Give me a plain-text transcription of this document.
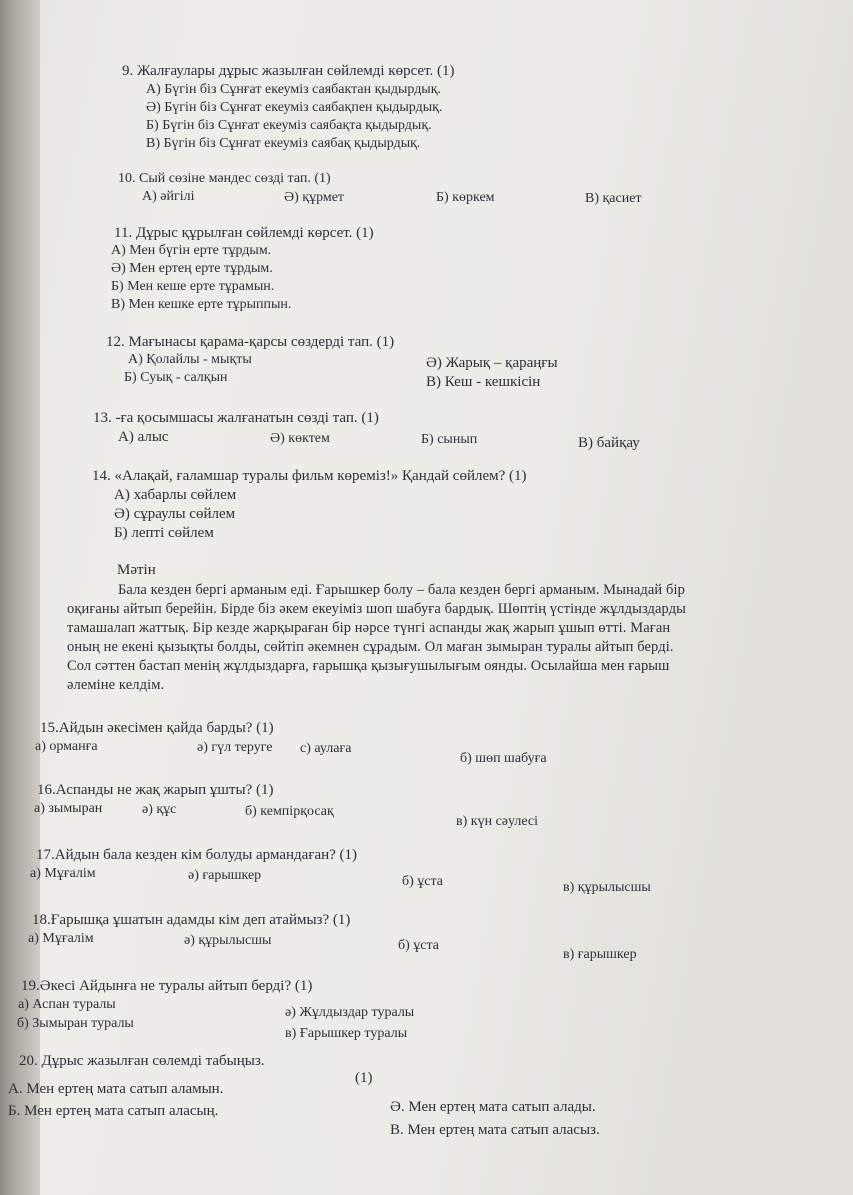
9. Жалғаулары дұрыс жазылған сөйлемді көрсет. (1)
А) Бүгін біз Сұнғат екеуміз саябактан қыдырдық.
Ә) Бүгін біз Сұнғат екеуміз саябақпен қыдырдық.
Б) Бүгін біз Сұнғат екеуміз саябақта қыдырдық.
В) Бүгін біз Сұнғат екеуміз саябақ қыдырдық.
10. Сый сөзіне мәндес сөзді тап. (1)
А) әйгілі	Ә) құрмет	Б) көркем	В) қасиет
11. Дұрыс құрылған сөйлемді көрсет. (1)
А) Мен бүгін ерте тұрдым.
Ә) Мен ертең ерте тұрдым.
Б) Мен кеше ерте тұрамын.
В) Мен кешке ерте тұрыппын.
12. Мағынасы қарама-қарсы сөздерді тап. (1)
А) Қолайлы - мықты	Ә) Жарық – қараңғы
Б) Суық - салқын	В) Кеш - кешкісін
13. -ға қосымшасы жалғанатын сөзді тап. (1)
А) алыс	Ә) көктем	Б) сынып	В) байқау
14. «Алақай, ғаламшар туралы фильм көреміз!» Қандай сөйлем? (1)
А) хабарлы сөйлем
Ә) сұраулы сөйлем
Б) лепті сөйлем
Мәтін
Бала кезден бергі арманым еді. Ғарышкер болу – бала кезден бергі арманым. Мынадай бір
оқиғаны айтып берейін. Бірде біз әкем екеуіміз шоп шабуға бардық. Шөптің үстінде жұлдыздарды
тамашалап жаттық. Бір кезде жарқыраған бір нәрсе түнгі аспанды жақ жарып ұшып өтті. Маған
оның не екені қызықты болды, сөйтіп әкемнен сұрадым. Ол маған зымыран туралы айтып берді.
Сол сәттен бастап менің жұлдыздарға, ғарышқа қызығушылығым оянды. Осылайша мен ғарыш
әлеміне келдім.
15.Айдын әкесімен қайда барды? (1)
а) орманға	ә) гүл теруге с) аулаға
б) шөп шабуға
16.Аспанды не жақ жарып ұшты? (1)
а) зымыран	ә) құс	б) кемпірқосақ
в) күн сәулесі
17.Айдын бала кезден кім болуды армандаған? (1)
а) Мұғалім	ә) ғарышкер	б) ұста	в) құрылысшы
18.Ғарышқа ұшатын адамды кім деп атаймыз? (1)
а) Мұғалім	ә) құрылысшы	б) ұста
в) ғарышкер
19.Әкесі Айдынға не туралы айтып берді? (1)
а) Аспан туралы
ә) Жұлдыздар туралы
б) Зымыран туралы
в) Ғарышкер туралы
20. Дұрыс жазылған сөлемді табыңыз.
(1)
А. Мен ертең мата сатып аламын.
Ә. Мен ертең мата сатып алады.
Б. Мен ертең мата сатып аласың.
В. Мен ертең мата сатып аласыз.
